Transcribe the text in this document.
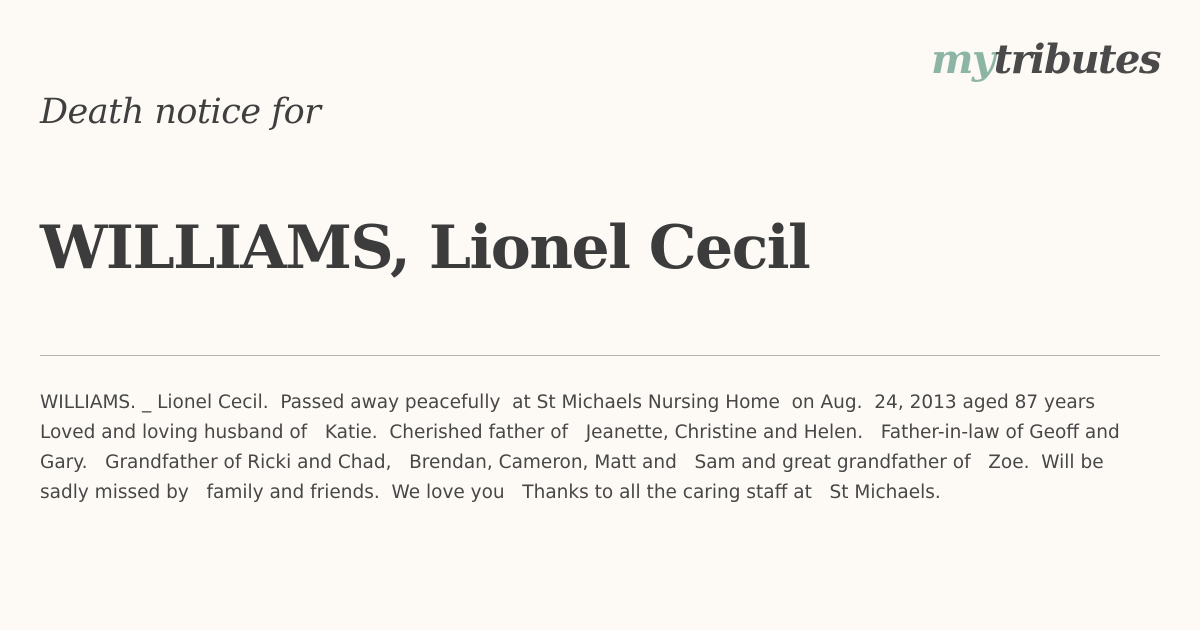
mytributes
Death notice for
WILLIAMS, Lionel Cecil
WILLIAMS. _ Lionel Cecil.  Passed away peacefully  at St Michaels Nursing Home  on Aug.  24, 2013 aged 87 years  Loved and loving husband of   Katie.  Cherished father of   Jeanette, Christine and Helen.   Father-in-law of Geoff and Gary.   Grandfather of Ricki and Chad,   Brendan, Cameron, Matt and   Sam and great grandfather of   Zoe.  Will be sadly missed by   family and friends.  We love you   Thanks to all the caring staff at   St Michaels.
